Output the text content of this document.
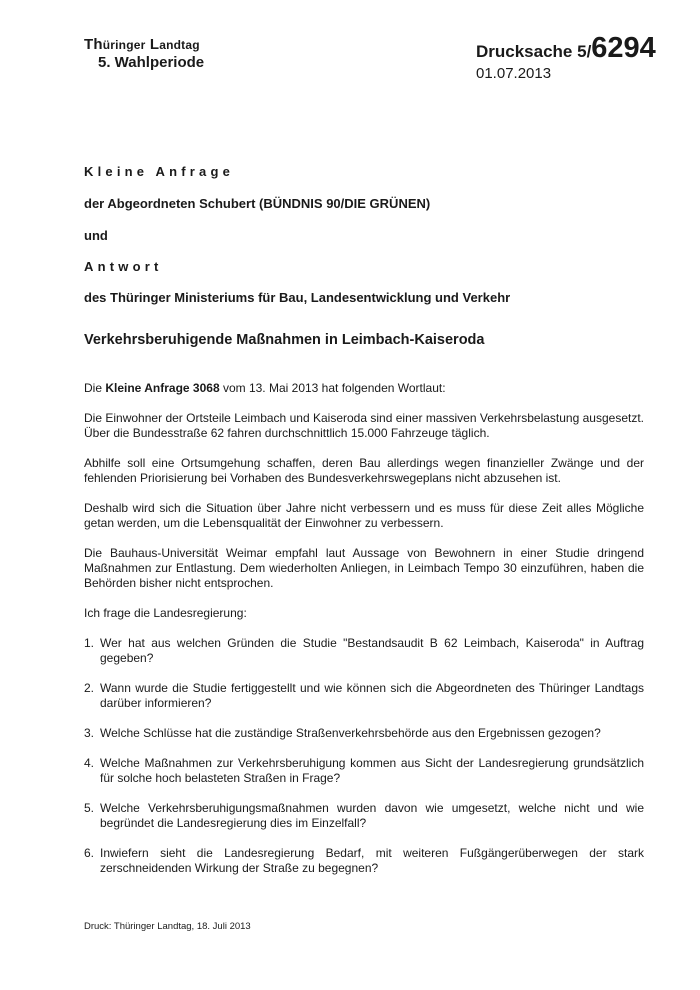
Thüringer Landtag
5. Wahlperiode
Drucksache 5/6294
01.07.2013
Kleine Anfrage
der Abgeordneten Schubert (BÜNDNIS 90/DIE GRÜNEN)
und
Antwort
des Thüringer Ministeriums für Bau, Landesentwicklung und Verkehr
Verkehrsberuhigende Maßnahmen in Leimbach-Kaiseroda

Die Kleine Anfrage 3068 vom 13. Mai 2013 hat folgenden Wortlaut:

Die Einwohner der Ortsteile Leimbach und Kaiseroda sind einer massiven Verkehrsbelastung ausgesetzt. Über die Bundesstraße 62 fahren durchschnittlich 15.000 Fahrzeuge täglich.

Abhilfe soll eine Ortsumgehung schaffen, deren Bau allerdings wegen finanzieller Zwänge und der fehlenden Priorisierung bei Vorhaben des Bundesverkehrswegeplans nicht abzusehen ist.

Deshalb wird sich die Situation über Jahre nicht verbessern und es muss für diese Zeit alles Mögliche getan werden, um die Lebensqualität der Einwohner zu verbessern.

Die Bauhaus-Universität Weimar empfahl laut Aussage von Bewohnern in einer Studie dringend Maßnahmen zur Entlastung. Dem wiederholten Anliegen, in Leimbach Tempo 30 einzuführen, haben die Behörden bisher nicht entsprochen.

Ich frage die Landesregierung:

1. Wer hat aus welchen Gründen die Studie "Bestandsaudit B 62 Leimbach, Kaiseroda" in Auftrag gegeben?
2. Wann wurde die Studie fertiggestellt und wie können sich die Abgeordneten des Thüringer Landtags darüber informieren?
3. Welche Schlüsse hat die zuständige Straßenverkehrsbehörde aus den Ergebnissen gezogen?
4. Welche Maßnahmen zur Verkehrsberuhigung kommen aus Sicht der Landesregierung grundsätzlich für solche hoch belasteten Straßen in Frage?
5. Welche Verkehrsberuhigungsmaßnahmen wurden davon wie umgesetzt, welche nicht und wie begründet die Landesregierung dies im Einzelfall?
6. Inwiefern sieht die Landesregierung Bedarf, mit weiteren Fußgängerüberwegen der stark zerschneidenden Wirkung der Straße zu begegnen?
Druck: Thüringer Landtag, 18. Juli 2013
